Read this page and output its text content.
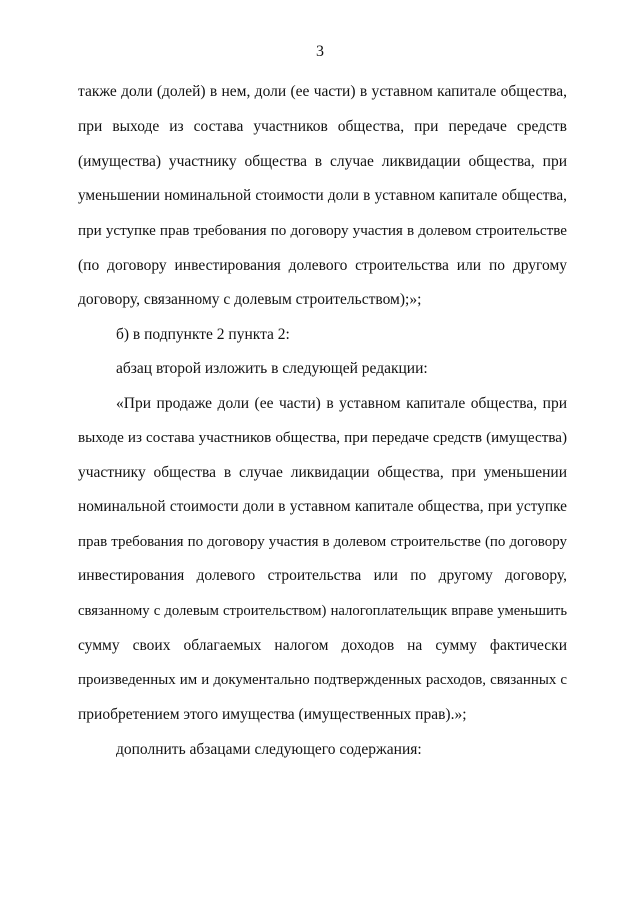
3
также доли (долей) в нем, доли (ее части) в уставном капитале общества,
при выходе из состава участников общества, при передаче средств
(имущества) участнику общества в случае ликвидации общества, при
уменьшении номинальной стоимости доли в уставном капитале общества,
при уступке прав требования по договору участия в долевом строительстве
(по договору инвестирования долевого строительства или по другому
договору, связанному с долевым строительством);»;
б) в подпункте 2 пункта 2:
абзац второй изложить в следующей редакции:
«При продаже доли (ее части) в уставном капитале общества, при
выходе из состава участников общества, при передаче средств (имущества)
участнику общества в случае ликвидации общества, при уменьшении
номинальной стоимости доли в уставном капитале общества, при уступке
прав требования по договору участия в долевом строительстве (по договору
инвестирования долевого строительства или по другому договору,
связанному с долевым строительством) налогоплательщик вправе уменьшить
сумму своих облагаемых налогом доходов на сумму фактически
произведенных им и документально подтвержденных расходов, связанных с
приобретением этого имущества (имущественных прав).»;
дополнить абзацами следующего содержания:
